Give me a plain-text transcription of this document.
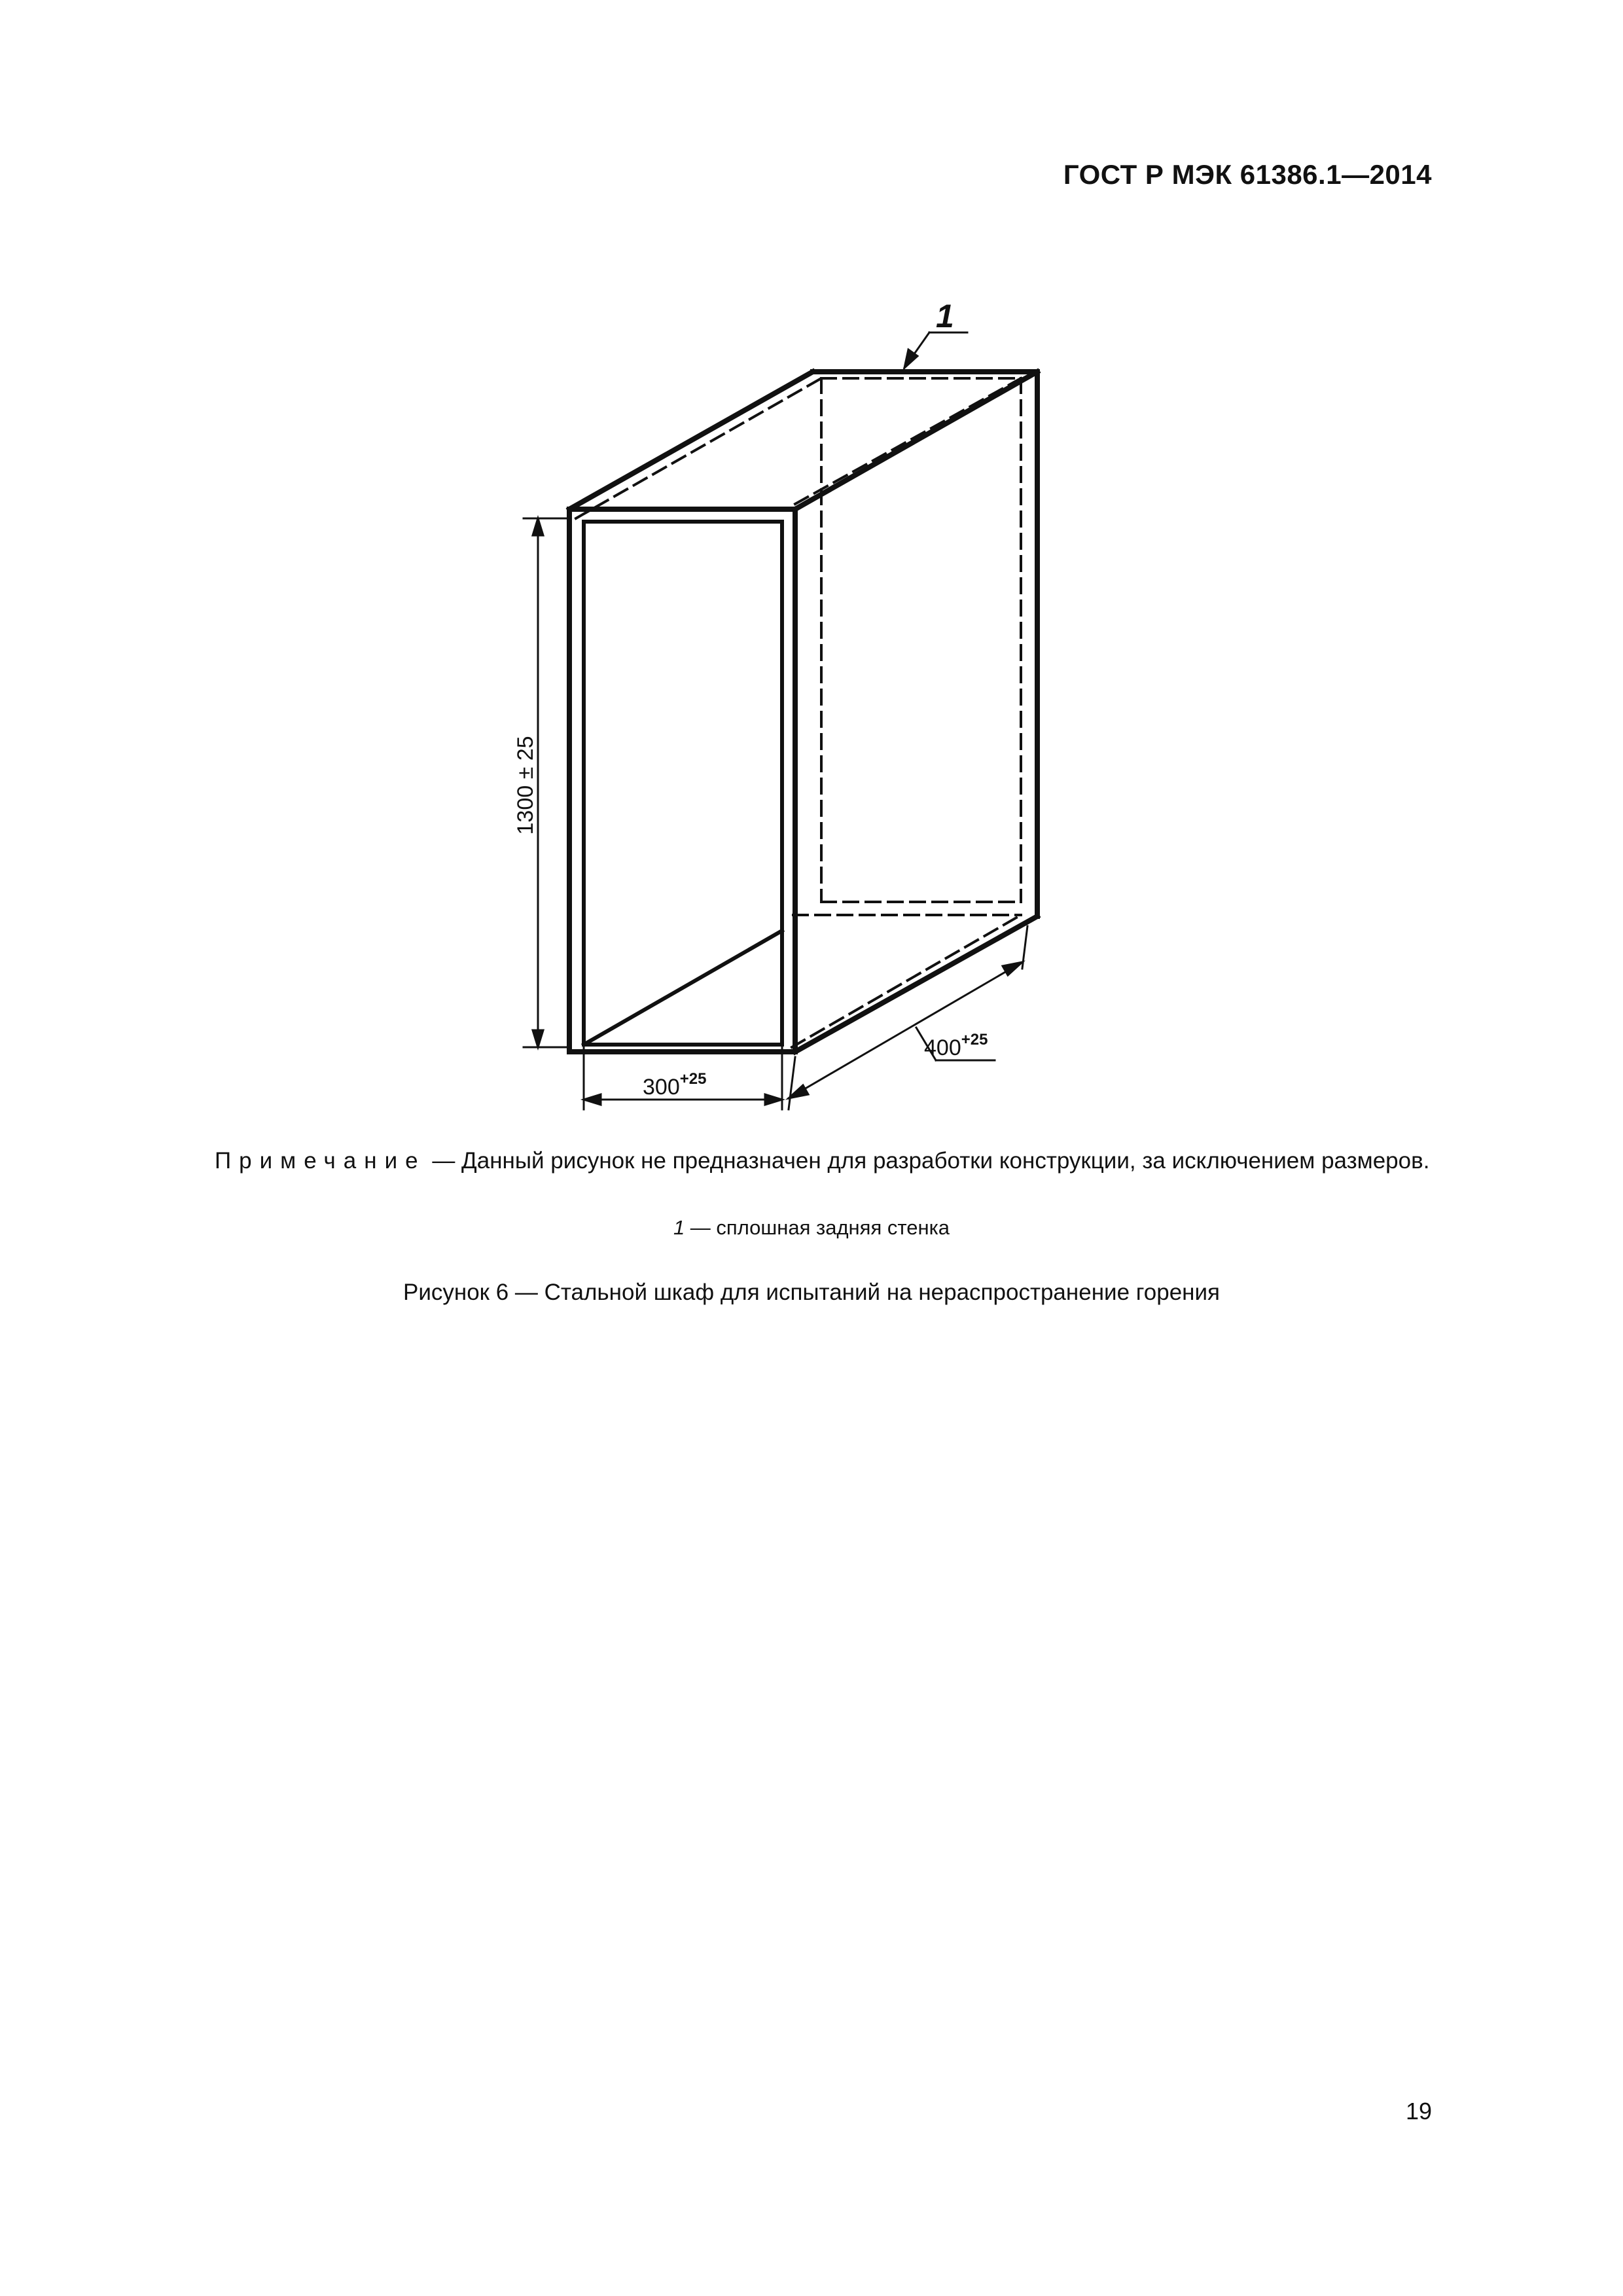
ГОСТ Р МЭК 61386.1—2014
1
1300 ± 25
$300^{+25}$
$400^{+25}$
Примечание — Данный рисунок не предназначен для разработки конструкции, за исключением размеров.
1 — сплошная задняя стенка
Рисунок 6 — Стальной шкаф для испытаний на нераспространение горения
19
